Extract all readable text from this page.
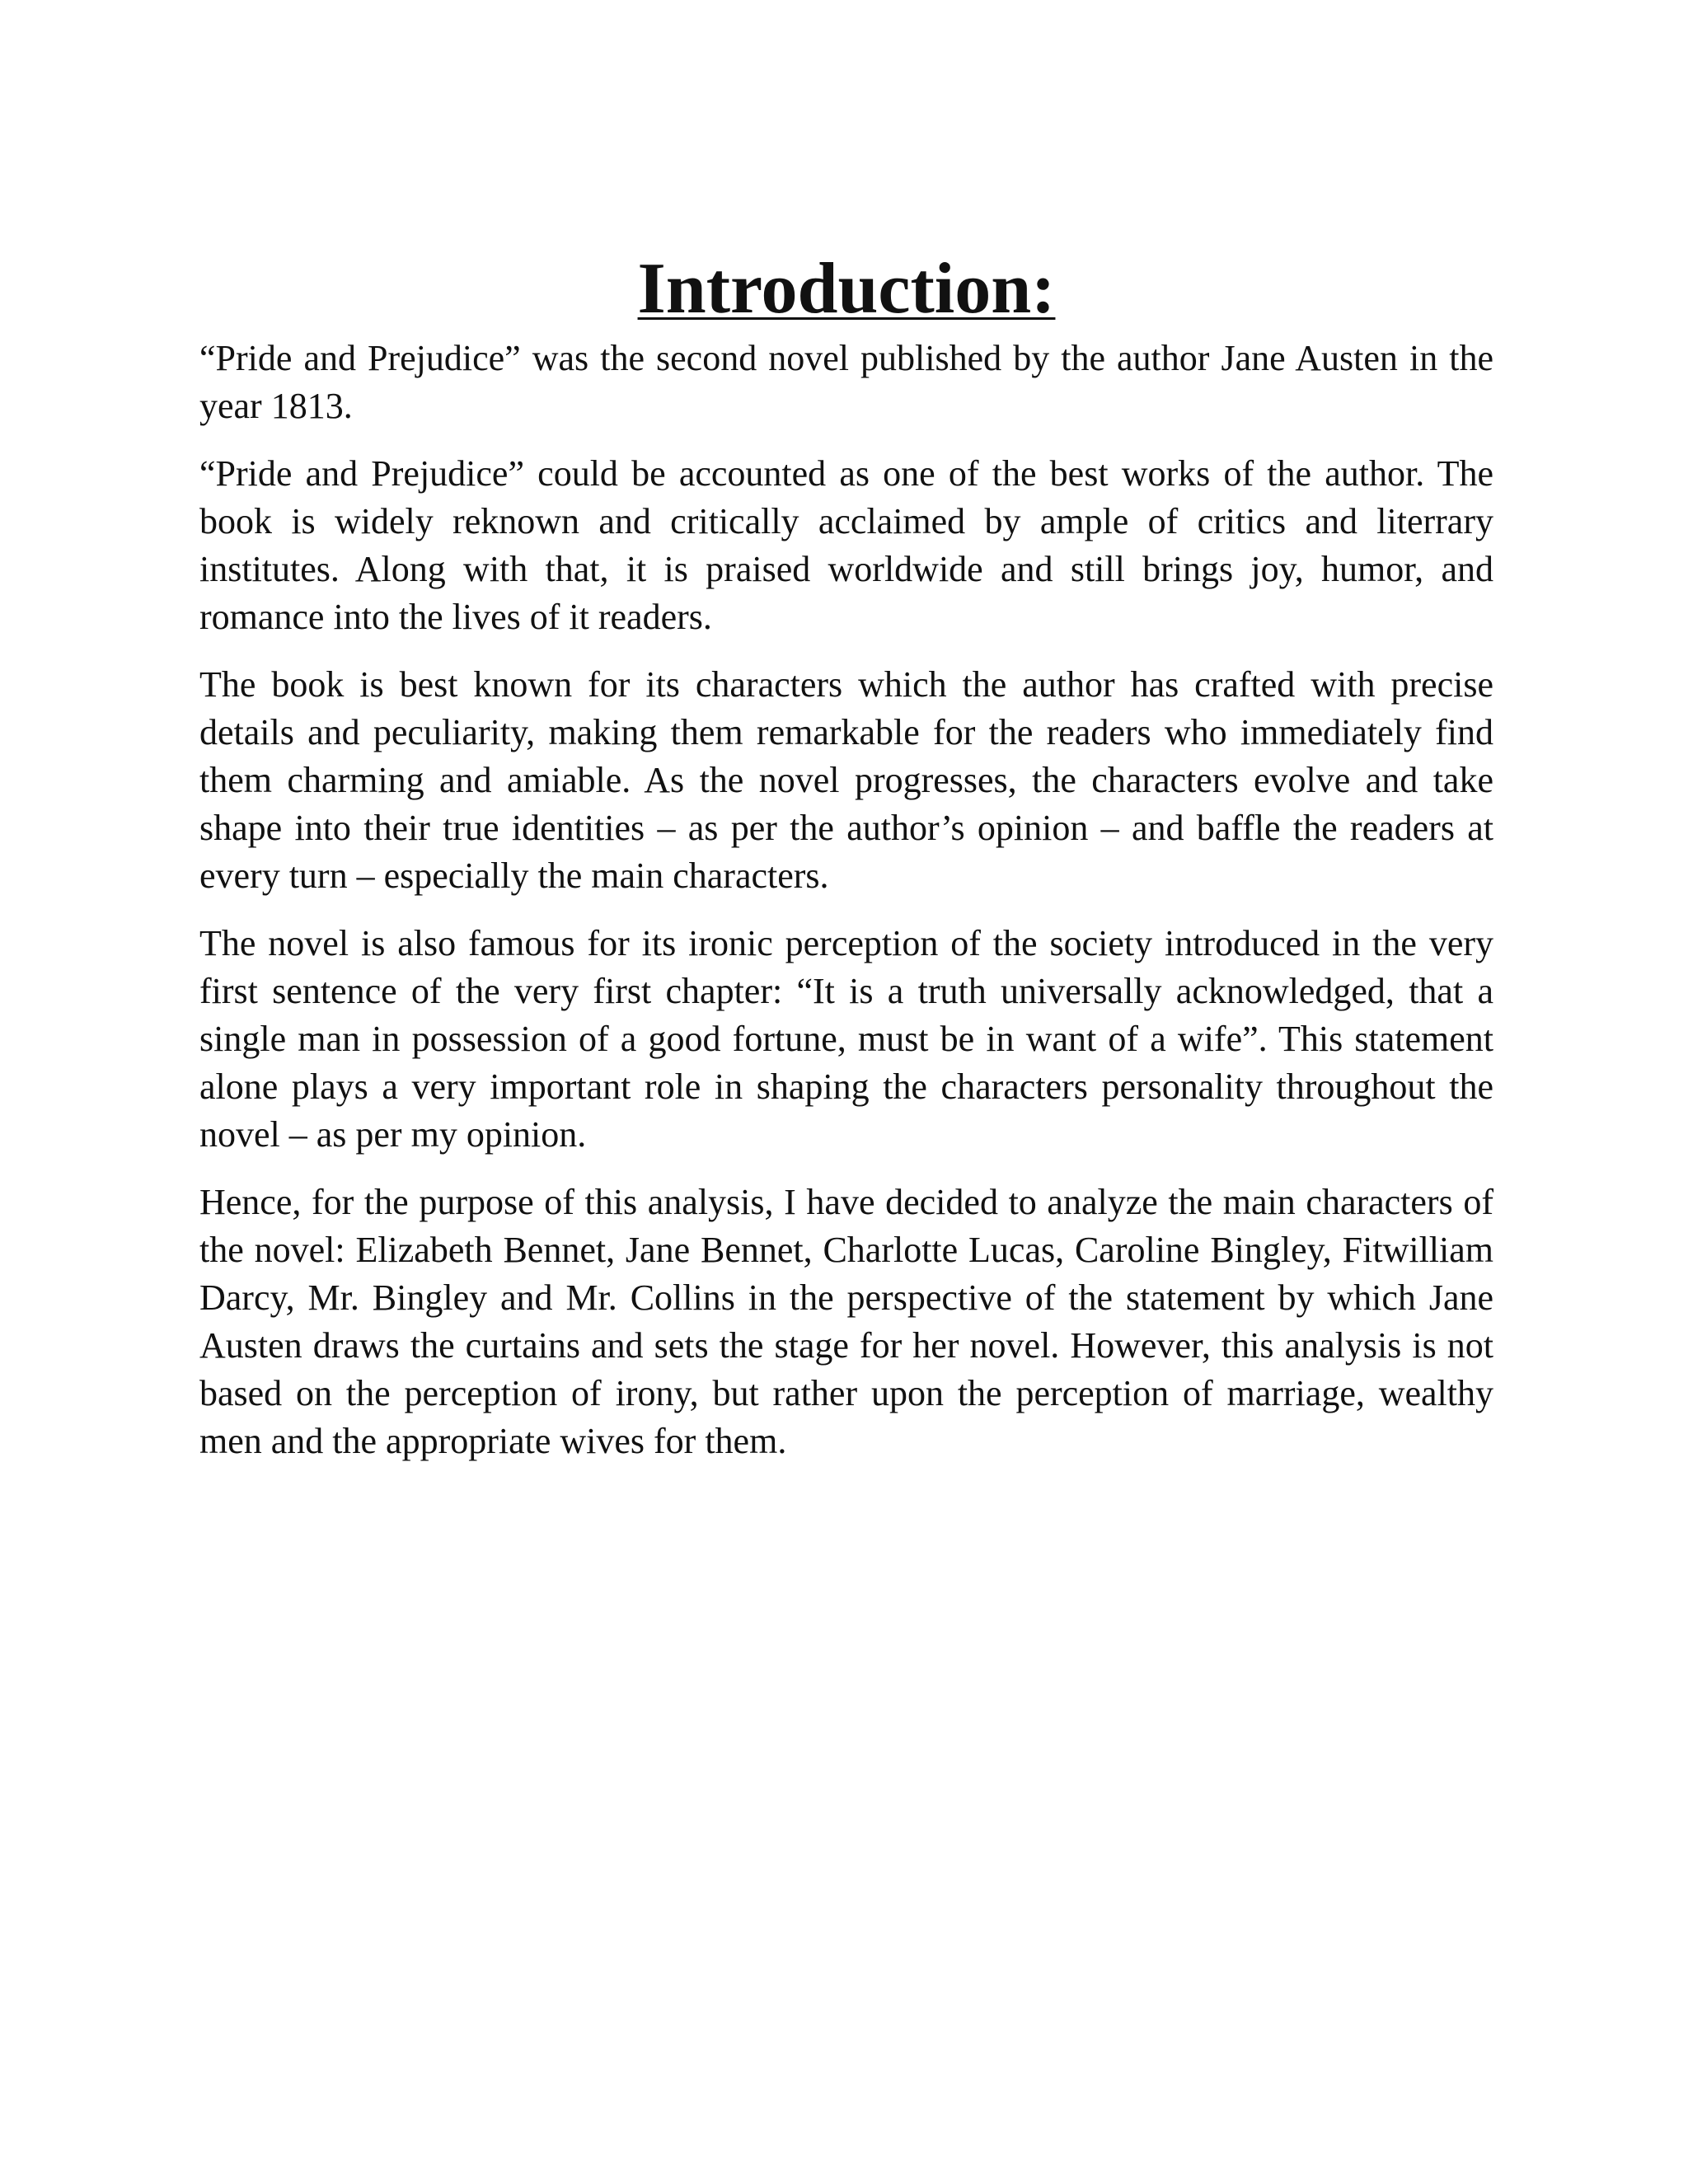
Introduction:

“Pride and Prejudice” was the second novel published by the author Jane Austen in the year 1813.

“Pride and Prejudice” could be accounted as one of the best works of the author. The book is widely reknown and critically acclaimed by ample of critics and literrary institutes. Along with that, it is praised worldwide and still brings joy, humor, and romance into the lives of it readers.

The book is best known for its characters which the author has crafted with precise details and peculiarity, making them remarkable for the readers who immediately find them charming and amiable. As the novel progresses, the characters evolve and take shape into their true identities – as per the author’s opinion – and baffle the readers at every turn – especially the main characters.

The novel is also famous for its ironic perception of the society introduced in the very first sentence of the very first chapter: “It is a truth universally acknowledged, that a single man in possession of a good fortune, must be in want of a wife”. This statement alone plays a very important role in shaping the characters personality throughout the novel – as per my opinion.

Hence, for the purpose of this analysis, I have decided to analyze the main characters of the novel: Elizabeth Bennet, Jane Bennet, Charlotte Lucas, Caroline Bingley, Fitwilliam Darcy, Mr. Bingley and Mr. Collins in the perspective of the statement by which Jane Austen draws the curtains and sets the stage for her novel. However, this analysis is not based on the perception of irony, but rather upon the perception of marriage, wealthy men and the appropriate wives for them.
